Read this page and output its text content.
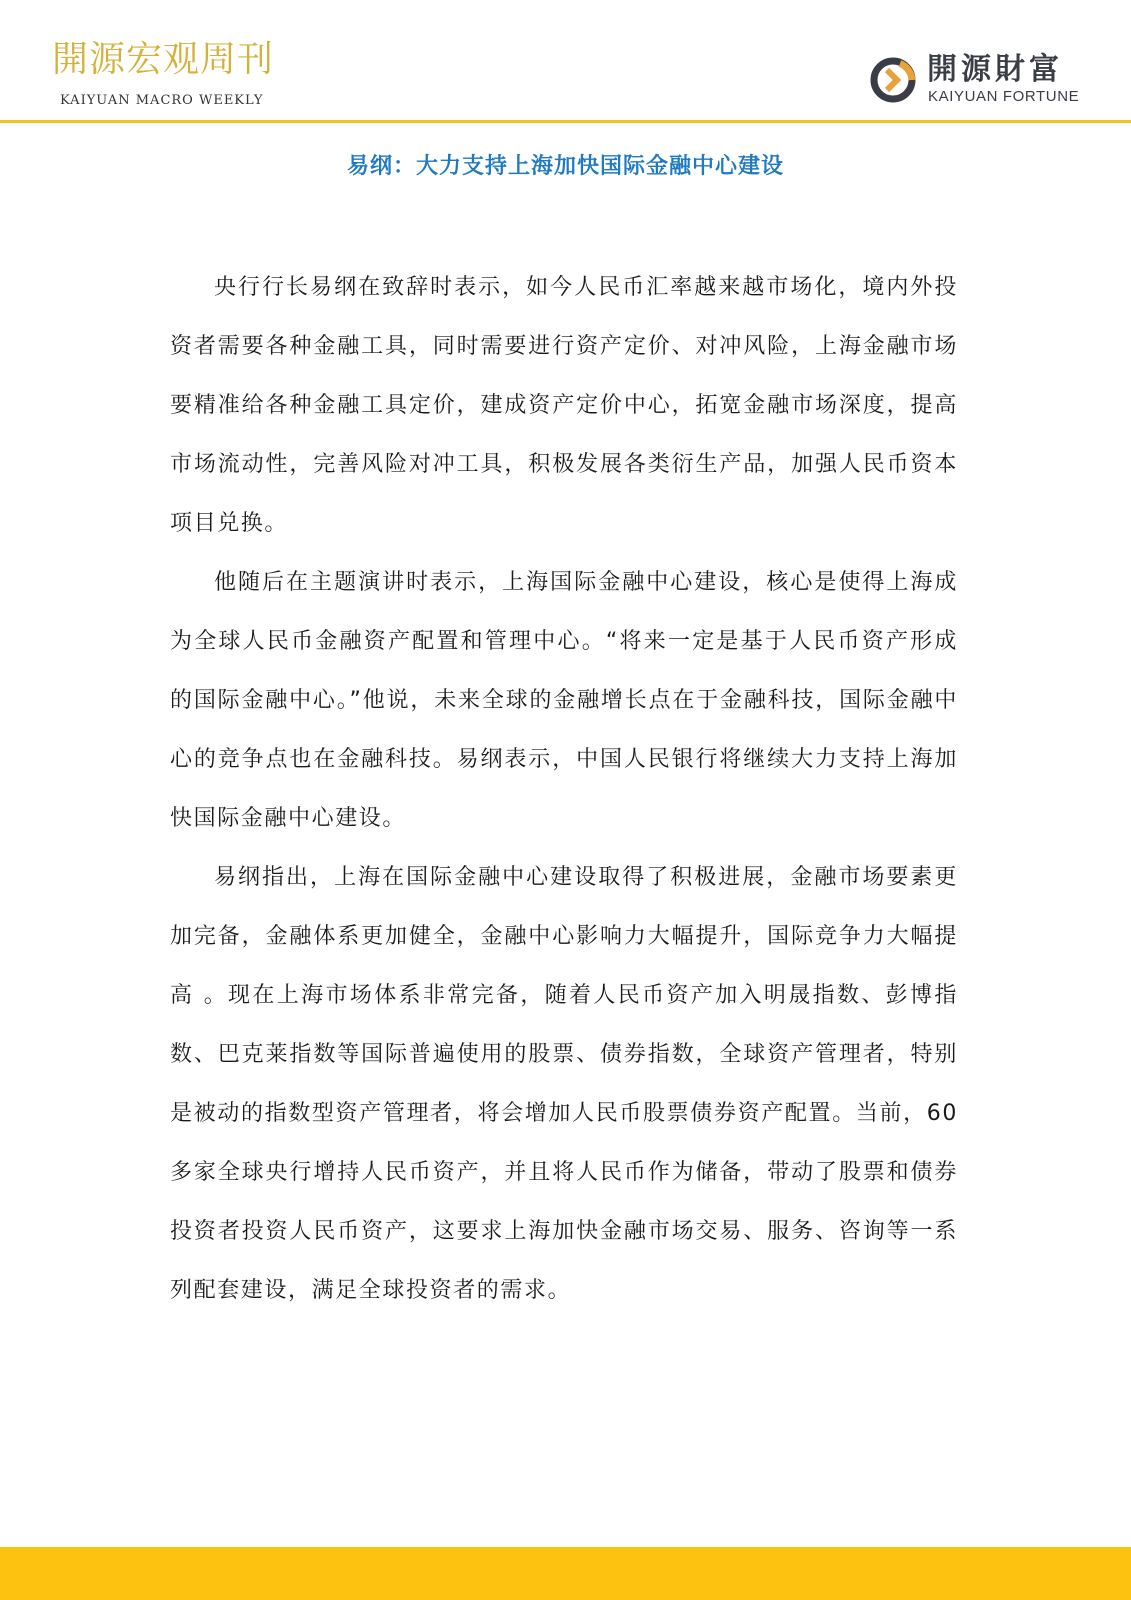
開源宏观周刊
KAIYUAN MACRO WEEKLY
開源財富
KAIYUAN FORTUNE
易纲：大力支持上海加快国际金融中心建设

央行行长易纲在致辞时表示，如今人民币汇率越来越市场化，境内外投资者需要各种金融工具，同时需要进行资产定价、对冲风险，上海金融市场要精准给各种金融工具定价，建成资产定价中心，拓宽金融市场深度，提高市场流动性，完善风险对冲工具，积极发展各类衍生产品，加强人民币资本项目兑换。

他随后在主题演讲时表示，上海国际金融中心建设，核心是使得上海成为全球人民币金融资产配置和管理中心。“将来一定是基于人民币资产形成的国际金融中心。”他说，未来全球的金融增长点在于金融科技，国际金融中心的竞争点也在金融科技。易纲表示，中国人民银行将继续大力支持上海加快国际金融中心建设。

易纲指出，上海在国际金融中心建设取得了积极进展，金融市场要素更加完备，金融体系更加健全，金融中心影响力大幅提升，国际竞争力大幅提高 。现在上海市场体系非常完备，随着人民币资产加入明晟指数、彭博指数、巴克莱指数等国际普遍使用的股票、债券指数，全球资产管理者，特别是被动的指数型资产管理者，将会增加人民币股票债券资产配置。当前，60 多家全球央行增持人民币资产，并且将人民币作为储备，带动了股票和债券投资者投资人民币资产，这要求上海加快金融市场交易、服务、咨询等一系列配套建设，满足全球投资者的需求。
